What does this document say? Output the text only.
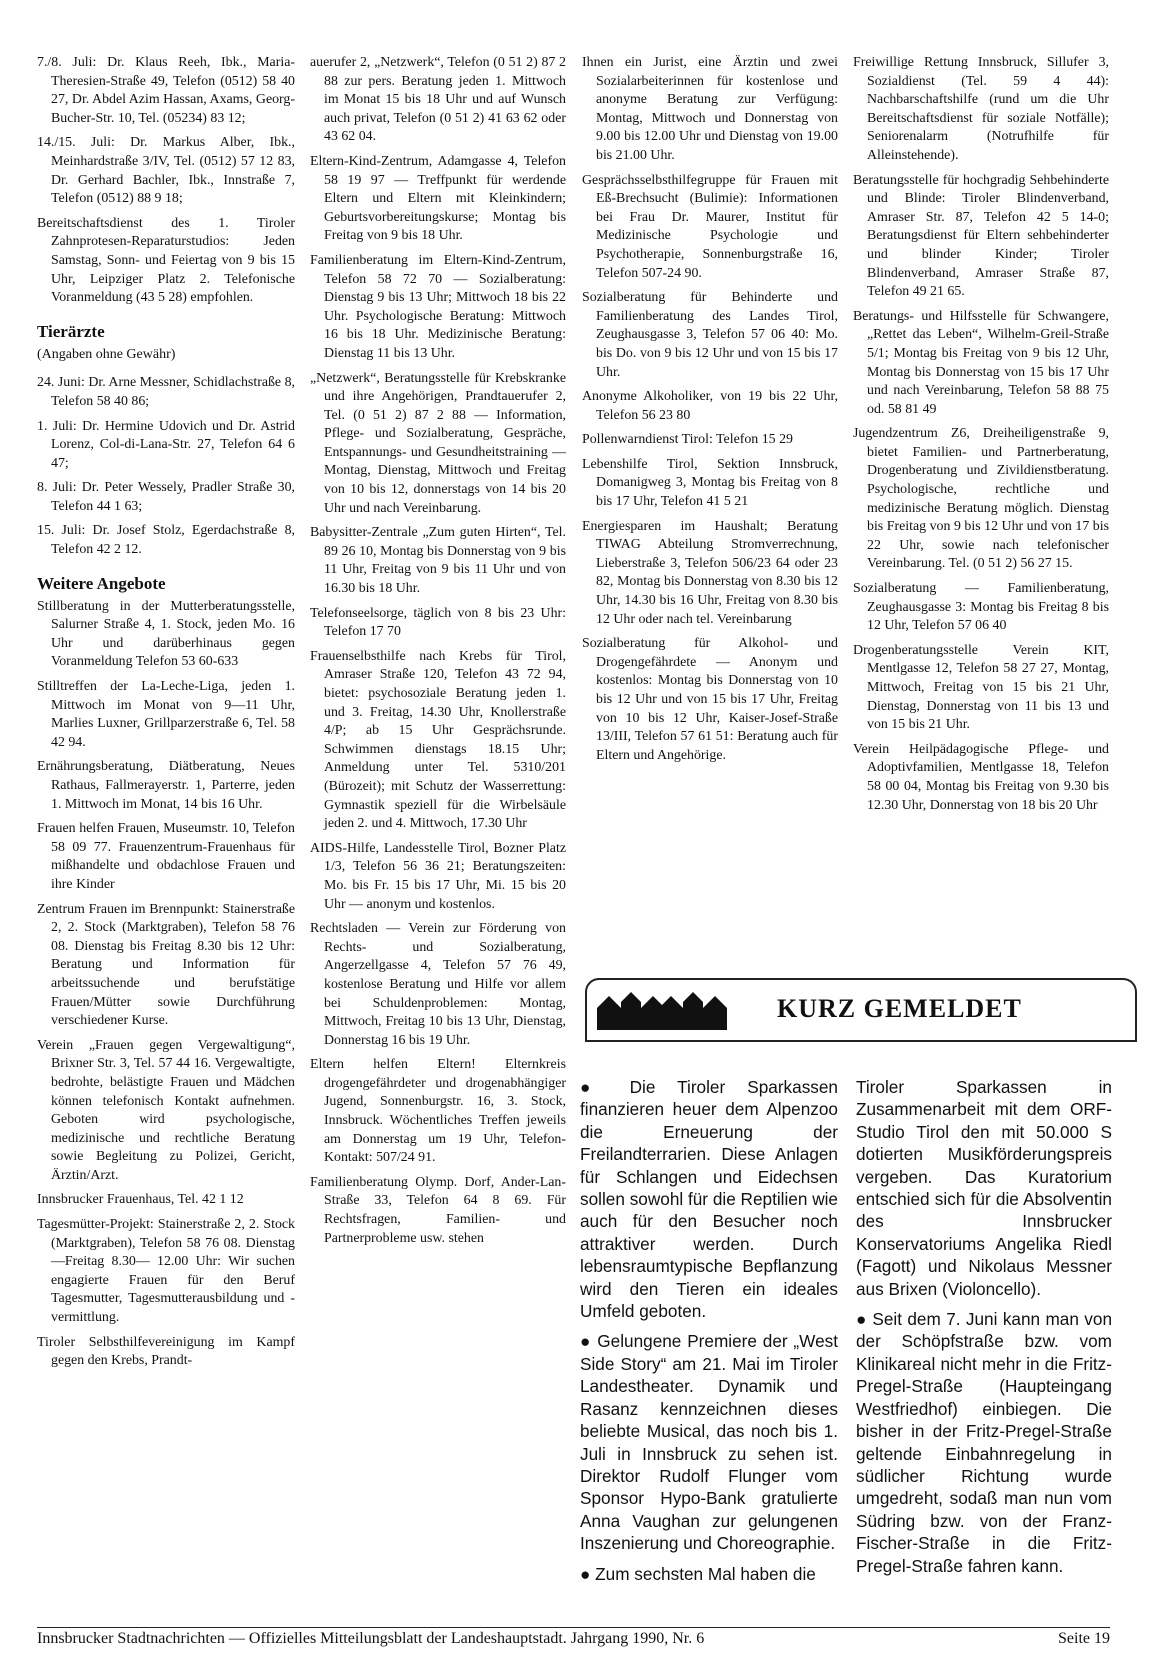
7./8. Juli: Dr. Klaus Reeh, Ibk., Maria-Theresien-Straße 49, Telefon (0512) 58 40 27, Dr. Abdel Azim Hassan, Axams, Georg-Bucher-Str. 10, Tel. (05234) 83 12;

14./15. Juli: Dr. Markus Alber, Ibk., Meinhardstraße 3/IV, Tel. (0512) 57 12 83, Dr. Gerhard Bachler, Ibk., Innstraße 7, Telefon (0512) 88 9 18;

Bereitschaftsdienst des 1. Tiroler Zahnprotesen-Reparaturstudios: Jeden Samstag, Sonn- und Feiertag von 9 bis 15 Uhr, Leipziger Platz 2. Telefonische Voranmeldung (43 5 28) empfohlen.

Tierärzte
(Angaben ohne Gewähr)

24. Juni: Dr. Arne Messner, Schidlachstraße 8, Telefon 58 40 86;

1. Juli: Dr. Hermine Udovich und Dr. Astrid Lorenz, Col-di-Lana-Str. 27, Telefon 64 6 47;

8. Juli: Dr. Peter Wessely, Pradler Straße 30, Telefon 44 1 63;

15. Juli: Dr. Josef Stolz, Egerdachstraße 8, Telefon 42 2 12.

Weitere Angebote

Stillberatung in der Mutterberatungsstelle, Salurner Straße 4, 1. Stock, jeden Mo. 16 Uhr und darüberhinaus gegen Voranmeldung Telefon 53 60-633

Stilltreffen der La-Leche-Liga, jeden 1. Mittwoch im Monat von 9—11 Uhr, Marlies Luxner, Grillparzerstraße 6, Tel. 58 42 94.

Ernährungsberatung, Diätberatung, Neues Rathaus, Fallmerayerstr. 1, Parterre, jeden 1. Mittwoch im Monat, 14 bis 16 Uhr.

Frauen helfen Frauen, Museumstr. 10, Telefon 58 09 77. Frauenzentrum-Frauenhaus für mißhandelte und obdachlose Frauen und ihre Kinder

Zentrum Frauen im Brennpunkt: Stainerstraße 2, 2. Stock (Marktgraben), Telefon 58 76 08. Dienstag bis Freitag 8.30 bis 12 Uhr: Beratung und Information für arbeitssuchende und berufstätige Frauen/Mütter sowie Durchführung verschiedener Kurse.

Verein „Frauen gegen Vergewaltigung“, Brixner Str. 3, Tel. 57 44 16. Vergewaltigte, bedrohte, belästigte Frauen und Mädchen können telefonisch Kontakt aufnehmen. Geboten wird psychologische, medizinische und rechtliche Beratung sowie Begleitung zu Polizei, Gericht, Ärztin/Arzt.

Innsbrucker Frauenhaus, Tel. 42 1 12

Tagesmütter-Projekt: Stainerstraße 2, 2. Stock (Marktgraben), Telefon 58 76 08. Dienstag—Freitag 8.30— 12.00 Uhr: Wir suchen engagierte Frauen für den Beruf Tagesmutter, Tagesmutterausbildung und -vermittlung.

Tiroler Selbsthilfevereinigung im Kampf gegen den Krebs, Prandt-

auerufer 2, „Netzwerk“, Telefon (0 51 2) 87 2 88 zur pers. Beratung jeden 1. Mittwoch im Monat 15 bis 18 Uhr und auf Wunsch auch privat, Telefon (0 51 2) 41 63 62 oder 43 62 04.

Eltern-Kind-Zentrum, Adamgasse 4, Telefon 58 19 97 — Treffpunkt für werdende Eltern und Eltern mit Kleinkindern; Geburtsvorbereitungskurse; Montag bis Freitag von 9 bis 18 Uhr.

Familienberatung im Eltern-Kind-Zentrum, Telefon 58 72 70 — Sozialberatung: Dienstag 9 bis 13 Uhr; Mittwoch 18 bis 22 Uhr. Psychologische Beratung: Mittwoch 16 bis 18 Uhr. Medizinische Beratung: Dienstag 11 bis 13 Uhr.

„Netzwerk“, Beratungsstelle für Krebskranke und ihre Angehörigen, Prandtauerufer 2, Tel. (0 51 2) 87 2 88 — Information, Pflege- und Sozialberatung, Gespräche, Entspannungs- und Gesundheitstraining — Montag, Dienstag, Mittwoch und Freitag von 10 bis 12, donnerstags von 14 bis 20 Uhr und nach Vereinbarung.

Babysitter-Zentrale „Zum guten Hirten“, Tel. 89 26 10, Montag bis Donnerstag von 9 bis 11 Uhr, Freitag von 9 bis 11 Uhr und von 16.30 bis 18 Uhr.

Telefonseelsorge, täglich von 8 bis 23 Uhr: Telefon 17 70

Frauenselbsthilfe nach Krebs für Tirol, Amraser Straße 120, Telefon 43 72 94, bietet: psychosoziale Beratung jeden 1. und 3. Freitag, 14.30 Uhr, Knollerstraße 4/P; ab 15 Uhr Gesprächsrunde. Schwimmen dienstags 18.15 Uhr; Anmeldung unter Tel. 5310/201 (Bürozeit); mit Schutz der Wasserrettung: Gymnastik speziell für die Wirbelsäule jeden 2. und 4. Mittwoch, 17.30 Uhr

AIDS-Hilfe, Landesstelle Tirol, Bozner Platz 1/3, Telefon 56 36 21; Beratungszeiten: Mo. bis Fr. 15 bis 17 Uhr, Mi. 15 bis 20 Uhr — anonym und kostenlos.

Rechtsladen — Verein zur Förderung von Rechts- und Sozialberatung, Angerzellgasse 4, Telefon 57 76 49, kostenlose Beratung und Hilfe vor allem bei Schuldenproblemen: Montag, Mittwoch, Freitag 10 bis 13 Uhr, Dienstag, Donnerstag 16 bis 19 Uhr.

Eltern helfen Eltern! Elternkreis drogengefährdeter und drogenabhängiger Jugend, Sonnenburgstr. 16, 3. Stock, Innsbruck. Wöchentliches Treffen jeweils am Donnerstag um 19 Uhr, Telefon-Kontakt: 507/24 91.

Familienberatung Olymp. Dorf, Ander-Lan-Straße 33, Telefon 64 8 69. Für Rechtsfragen, Familien- und Partnerprobleme usw. stehen

Ihnen ein Jurist, eine Ärztin und zwei Sozialarbeiterinnen für kostenlose und anonyme Beratung zur Verfügung: Montag, Mittwoch und Donnerstag von 9.00 bis 12.00 Uhr und Dienstag von 19.00 bis 21.00 Uhr.

Gesprächsselbsthilfegruppe für Frauen mit Eß-Brechsucht (Bulimie): Informationen bei Frau Dr. Maurer, Institut für Medizinische Psychologie und Psychotherapie, Sonnenburgstraße 16, Telefon 507-24 90.

Sozialberatung für Behinderte und Familienberatung des Landes Tirol, Zeughausgasse 3, Telefon 57 06 40: Mo. bis Do. von 9 bis 12 Uhr und von 15 bis 17 Uhr.

Anonyme Alkoholiker, von 19 bis 22 Uhr, Telefon 56 23 80

Pollenwarndienst Tirol: Telefon 15 29

Lebenshilfe Tirol, Sektion Innsbruck, Domanigweg 3, Montag bis Freitag von 8 bis 17 Uhr, Telefon 41 5 21

Energiesparen im Haushalt; Beratung TIWAG Abteilung Stromverrechnung, Lieberstraße 3, Telefon 506/23 64 oder 23 82, Montag bis Donnerstag von 8.30 bis 12 Uhr, 14.30 bis 16 Uhr, Freitag von 8.30 bis 12 Uhr oder nach tel. Vereinbarung

Sozialberatung für Alkohol- und Drogengefährdete — Anonym und kostenlos: Montag bis Donnerstag von 10 bis 12 Uhr und von 15 bis 17 Uhr, Freitag von 10 bis 12 Uhr, Kaiser-Josef-Straße 13/III, Telefon 57 61 51: Beratung auch für Eltern und Angehörige.

Freiwillige Rettung Innsbruck, Sillufer 3, Sozialdienst (Tel. 59 4 44): Nachbarschaftshilfe (rund um die Uhr Bereitschaftsdienst für soziale Notfälle); Seniorenalarm (Notrufhilfe für Alleinstehende).

Beratungsstelle für hochgradig Sehbehinderte und Blinde: Tiroler Blindenverband, Amraser Str. 87, Telefon 42 5 14-0; Beratungsdienst für Eltern sehbehinderter und blinder Kinder; Tiroler Blindenverband, Amraser Straße 87, Telefon 49 21 65.

Beratungs- und Hilfsstelle für Schwangere, „Rettet das Leben“, Wilhelm-Greil-Straße 5/1; Montag bis Freitag von 9 bis 12 Uhr, Montag bis Donnerstag von 15 bis 17 Uhr und nach Vereinbarung, Telefon 58 88 75 od. 58 81 49

Jugendzentrum Z6, Dreiheiligenstraße 9, bietet Familien- und Partnerberatung, Drogenberatung und Zivildienstberatung. Psychologische, rechtliche und medizinische Beratung möglich. Dienstag bis Freitag von 9 bis 12 Uhr und von 17 bis 22 Uhr, sowie nach telefonischer Vereinbarung. Tel. (0 51 2) 56 27 15.

Sozialberatung — Familienberatung, Zeughausgasse 3: Montag bis Freitag 8 bis 12 Uhr, Telefon 57 06 40

Drogenberatungsstelle Verein KIT, Mentlgasse 12, Telefon 58 27 27, Montag, Mittwoch, Freitag von 15 bis 21 Uhr, Dienstag, Donnerstag von 11 bis 13 und von 15 bis 21 Uhr.

Verein Heilpädagogische Pflege- und Adoptivfamilien, Mentlgasse 18, Telefon 58 00 04, Montag bis Freitag von 9.30 bis 12.30 Uhr, Donnerstag von 18 bis 20 Uhr

KURZ GEMELDET

● Die Tiroler Sparkassen finanzieren heuer dem Alpenzoo die Erneuerung der Freilandterrarien. Diese Anlagen für Schlangen und Eidechsen sollen sowohl für die Reptilien wie auch für den Besucher noch attraktiver werden. Durch lebensraumtypische Bepflanzung wird den Tieren ein ideales Umfeld geboten.

● Gelungene Premiere der „West Side Story“ am 21. Mai im Tiroler Landestheater. Dynamik und Rasanz kennzeichnen dieses beliebte Musical, das noch bis 1. Juli in Innsbruck zu sehen ist. Direktor Rudolf Flunger vom Sponsor Hypo-Bank gratulierte Anna Vaughan zur gelungenen Inszenierung und Choreographie.

● Zum sechsten Mal haben die

Tiroler Sparkassen in Zusammenarbeit mit dem ORF-Studio Tirol den mit 50.000 S dotierten Musikförderungspreis vergeben. Das Kuratorium entschied sich für die Absolventin des Innsbrucker Konservatoriums Angelika Riedl (Fagott) und Nikolaus Messner aus Brixen (Violoncello).

● Seit dem 7. Juni kann man von der Schöpfstraße bzw. vom Klinikareal nicht mehr in die Fritz-Pregel-Straße (Haupteingang Westfriedhof) einbiegen. Die bisher in der Fritz-Pregel-Straße geltende Einbahnregelung in südlicher Richtung wurde umgedreht, sodaß man nun vom Südring bzw. von der Franz-Fischer-Straße in die Fritz-Pregel-Straße fahren kann.

Innsbrucker Stadtnachrichten — Offizielles Mitteilungsblatt der Landeshauptstadt. Jahrgang 1990, Nr. 6	Seite 19
